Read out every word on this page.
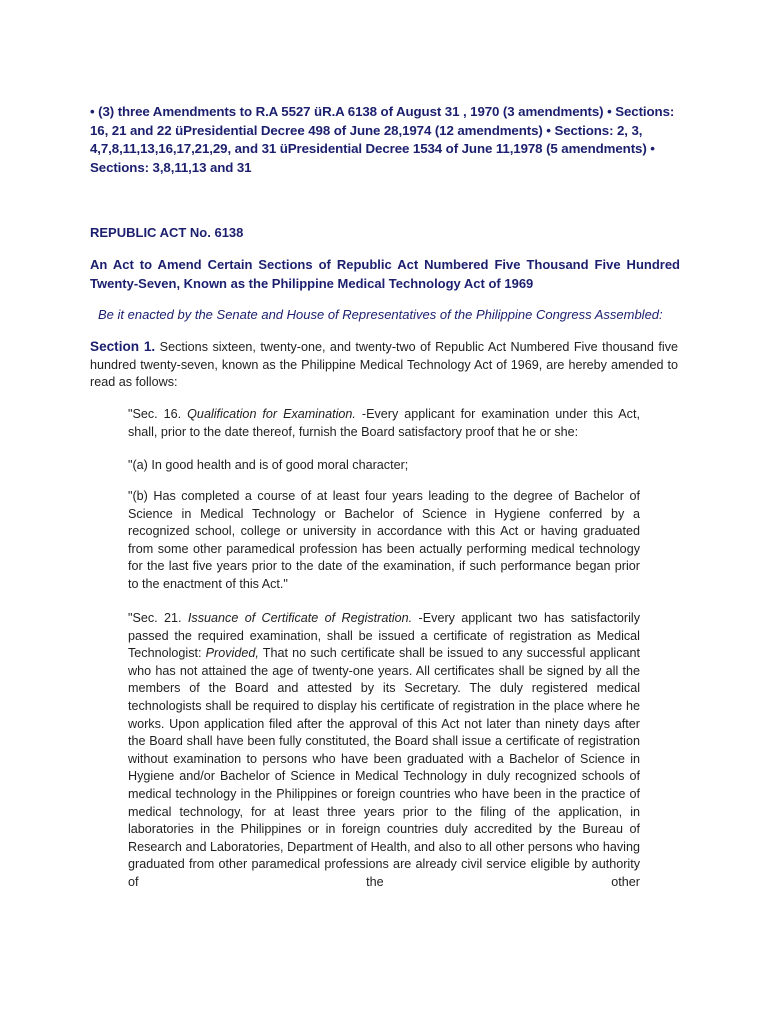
• (3) three Amendments to R.A 5527 üR.A 6138 of August 31 , 1970 (3 amendments) • Sections: 16, 21 and 22 üPresidential Decree 498 of June 28,1974 (12 amendments) • Sections: 2, 3, 4,7,8,11,13,16,17,21,29, and 31 üPresidential Decree 1534 of June 11,1978 (5 amendments) • Sections: 3,8,11,13 and 31
REPUBLIC ACT No. 6138
An Act to Amend Certain Sections of Republic Act Numbered Five Thousand Five Hundred Twenty-Seven, Known as the Philippine Medical Technology Act of 1969
Be it enacted by the Senate and House of Representatives of the Philippine Congress Assembled:

Section 1. Sections sixteen, twenty-one, and twenty-two of Republic Act Numbered Five thousand five hundred twenty-seven, known as the Philippine Medical Technology Act of 1969, are hereby amended to read as follows:

"Sec. 16. Qualification for Examination. -Every applicant for examination under this Act, shall, prior to the date thereof, furnish the Board satisfactory proof that he or she:

"(a) In good health and is of good moral character;

"(b) Has completed a course of at least four years leading to the degree of Bachelor of Science in Medical Technology or Bachelor of Science in Hygiene conferred by a recognized school, college or university in accordance with this Act or having graduated from some other paramedical profession has been actually performing medical technology for the last five years prior to the date of the examination, if such performance began prior to the enactment of this Act."

"Sec. 21. Issuance of Certificate of Registration. -Every applicant two has satisfactorily passed the required examination, shall be issued a certificate of registration as Medical Technologist: Provided, That no such certificate shall be issued to any successful applicant who has not attained the age of twenty-one years. All certificates shall be signed by all the members of the Board and attested by its Secretary. The duly registered medical technologists shall be required to display his certificate of registration in the place where he works. Upon application filed after the approval of this Act not later than ninety days after the Board shall have been fully constituted, the Board shall issue a certificate of registration without examination to persons who have been graduated with a Bachelor of Science in Hygiene and/or Bachelor of Science in Medical Technology in duly recognized schools of medical technology in the Philippines or foreign countries who have been in the practice of medical technology, for at least three years prior to the filing of the application, in laboratories in the Philippines or in foreign countries duly accredited by the Bureau of Research and Laboratories, Department of Health, and also to all other persons who having graduated from other paramedical professions are already civil service eligible by authority of the other
